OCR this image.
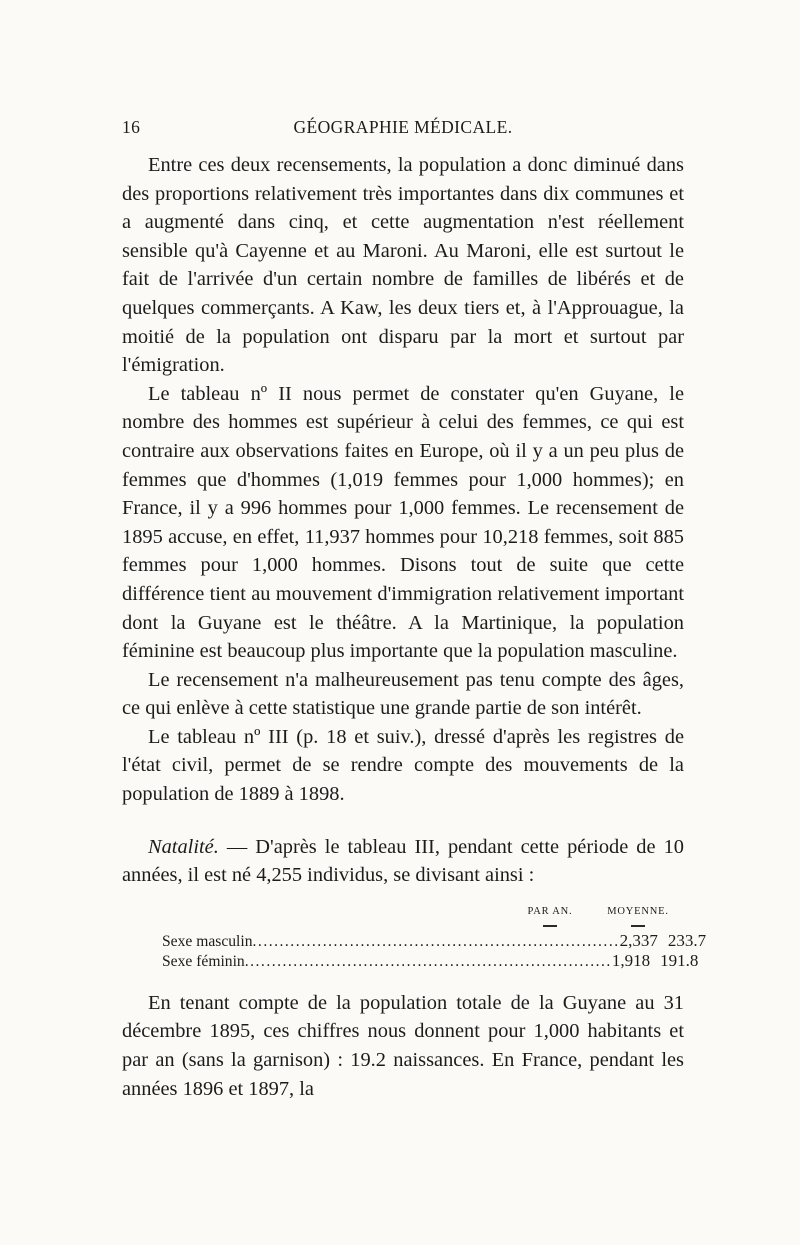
16	GÉOGRAPHIE MÉDICALE.

Entre ces deux recensements, la population a donc diminué dans des proportions relativement très importantes dans dix communes et a augmenté dans cinq, et cette augmentation n'est réellement sensible qu'à Cayenne et au Maroni. Au Maroni, elle est surtout le fait de l'arrivée d'un certain nombre de familles de libérés et de quelques commerçants. A Kaw, les deux tiers et, à l'Approuague, la moitié de la population ont disparu par la mort et surtout par l'émigration.

Le tableau nº II nous permet de constater qu'en Guyane, le nombre des hommes est supérieur à celui des femmes, ce qui est contraire aux observations faites en Europe, où il y a un peu plus de femmes que d'hommes (1,019 femmes pour 1,000 hommes); en France, il y a 996 hommes pour 1,000 femmes. Le recensement de 1895 accuse, en effet, 11,937 hommes pour 10,218 femmes, soit 885 femmes pour 1,000 hommes. Disons tout de suite que cette différence tient au mouvement d'immigration relativement important dont la Guyane est le théâtre. A la Martinique, la population féminine est beaucoup plus importante que la population masculine.

Le recensement n'a malheureusement pas tenu compte des âges, ce qui enlève à cette statistique une grande partie de son intérêt.

Le tableau nº III (p. 18 et suiv.), dressé d'après les registres de l'état civil, permet de se rendre compte des mouvements de la population de 1889 à 1898.

Natalité. — D'après le tableau III, pendant cette période de 10 années, il est né 4,255 individus, se divisant ainsi :

PAR AN.	MOYENNE.
Sexe masculin .................................................................... 2,337 233.7
Sexe féminin .................................................................... 1,918 191.8

En tenant compte de la population totale de la Guyane au 31 décembre 1895, ces chiffres nous donnent pour 1,000 habitants et par an (sans la garnison) : 19.2 naissances. En France, pendant les années 1896 et 1897, la
